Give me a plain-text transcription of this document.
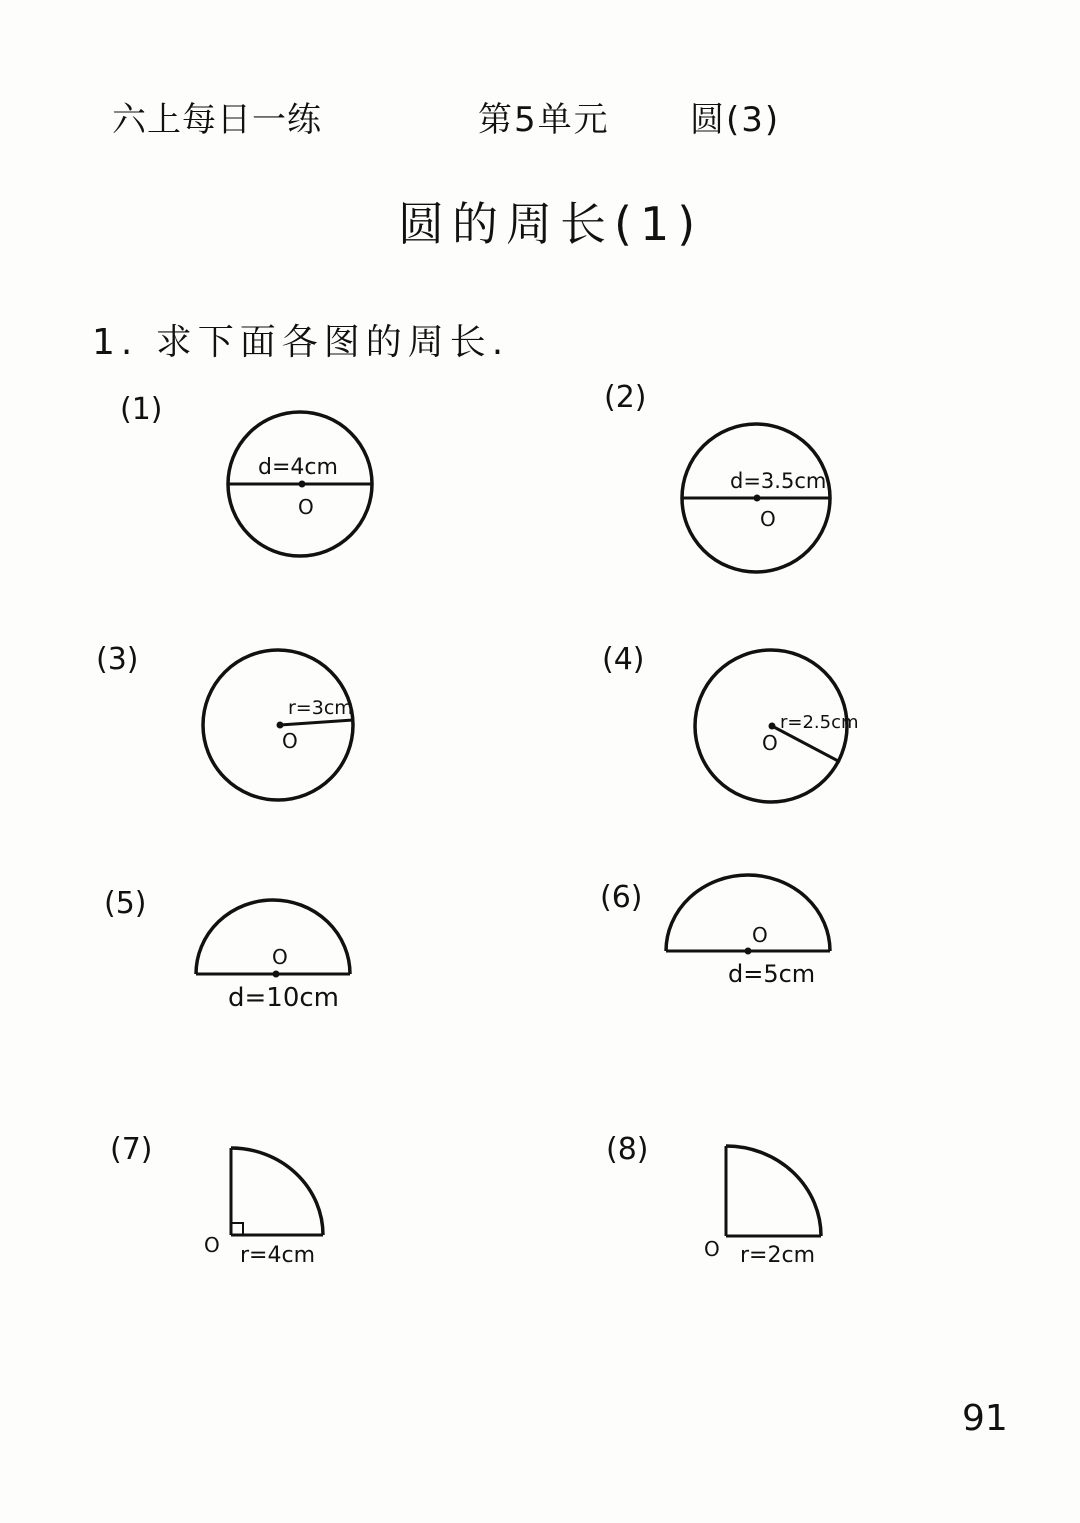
六上每日一练	第5单元 圆(3)
圆的周长(1)
1. 求下面各图的周长.
(1)	(2)
(3)	(4)
(5)	(6)
(7)	(8)
d=4cm
O
d=3.5cm
O
r=3cm
O
r=2.5cm
O
O
d=10cm
O
d=5cm
O r=4cm	O r=2cm
91
